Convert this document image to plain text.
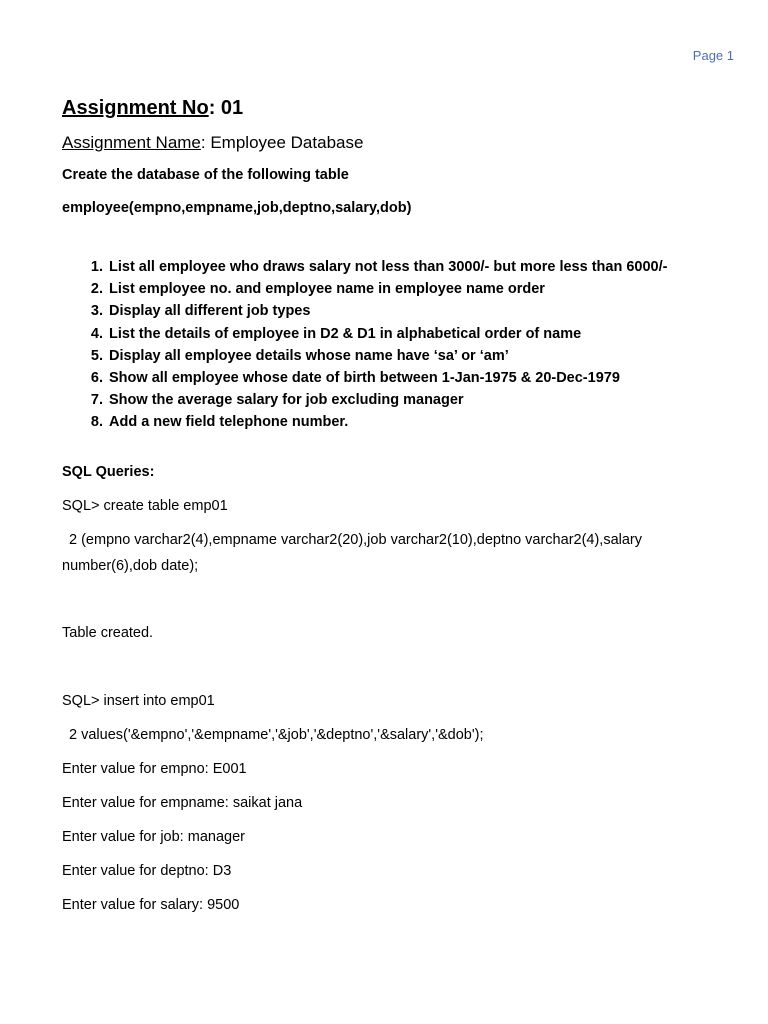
Page 1
Assignment No: 01
Assignment Name: Employee Database

Create the database of the following table

employee(empno,empname,job,deptno,salary,dob)

1. List all employee who draws salary not less than 3000/- but more less than 6000/-
2. List employee no. and employee name in employee name order
3. Display all different job types
4. List the details of employee in D2 & D1 in alphabetical order of name
5. Display all employee details whose name have ‘sa’ or ‘am’
6. Show all employee whose date of birth between 1-Jan-1975 & 20-Dec-1979
7. Show the average salary for job excluding manager
8. Add a new field telephone number.

SQL Queries:

SQL> create table emp01

2 (empno varchar2(4),empname varchar2(20),job varchar2(10),deptno varchar2(4),salary

number(6),dob date);

Table created.

SQL> insert into emp01

2 values('&empno','&empname','&job','&deptno','&salary','&dob');

Enter value for empno: E001

Enter value for empname: saikat jana

Enter value for job: manager

Enter value for deptno: D3

Enter value for salary: 9500
